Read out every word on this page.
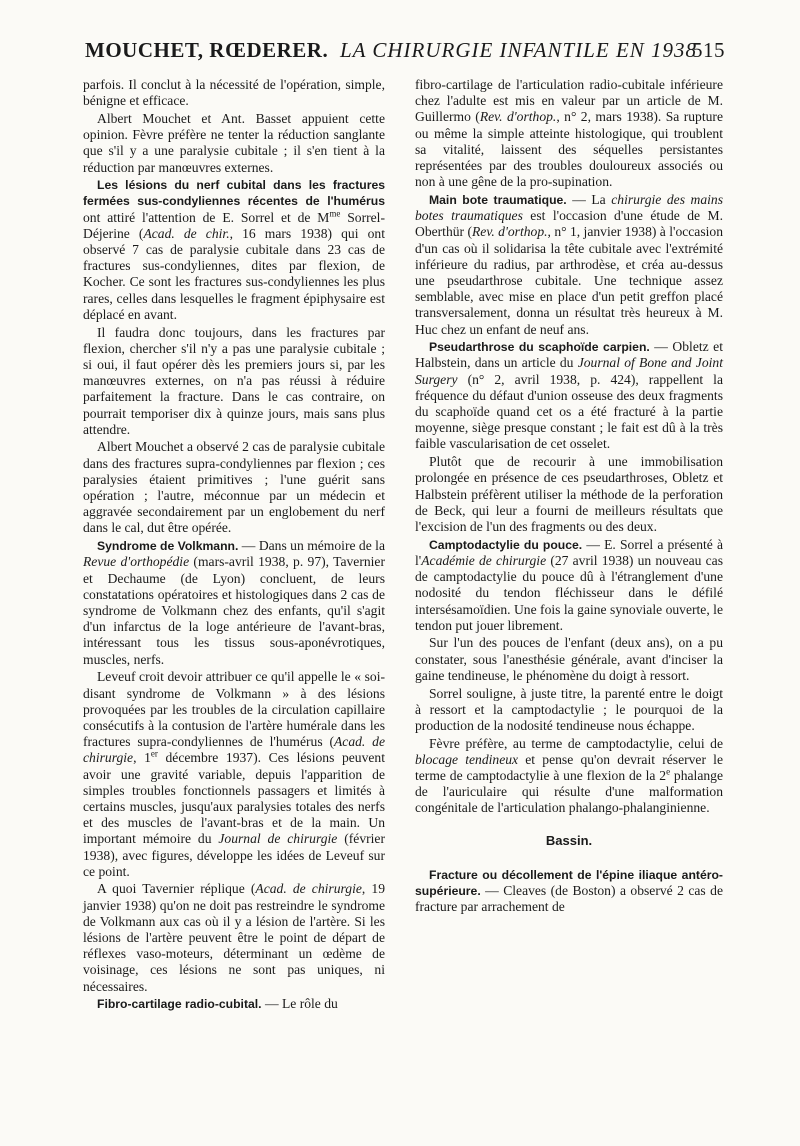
MOUCHET, RŒDERER. LA CHIRURGIE INFANTILE EN 1938
515

parfois. Il conclut à la nécessité de l'opération, simple, bénigne et efficace.

Albert Mouchet et Ant. Basset appuient cette opinion. Fèvre préfère ne tenter la réduction sanglante que s'il y a une paralysie cubitale ; il s'en tient à la réduction par manœuvres externes.

Les lésions du nerf cubital dans les fractures fermées sus-condyliennes récentes de l'humérus ont attiré l'attention de E. Sorrel et de $M^{me}$ Sorrel-Déjerine (Acad. de chir., 16 mars 1938) qui ont observé 7 cas de paralysie cubitale dans 23 cas de fractures sus-condyliennes, dites par flexion, de Kocher. Ce sont les fractures sus-condyliennes les plus rares, celles dans lesquelles le fragment épiphysaire est déplacé en avant.

Il faudra donc toujours, dans les fractures par flexion, chercher s'il n'y a pas une paralysie cubitale ; si oui, il faut opérer dès les premiers jours si, par les manœuvres externes, on n'a pas réussi à réduire parfaitement la fracture. Dans le cas contraire, on pourrait temporiser dix à quinze jours, mais sans plus attendre.

Albert Mouchet a observé 2 cas de paralysie cubitale dans des fractures supra-condyliennes par flexion ; ces paralysies étaient primitives ; l'une guérit sans opération ; l'autre, méconnue par un médecin et aggravée secondairement par un englobement du nerf dans le cal, dut être opérée.

Syndrome de Volkmann. — Dans un mémoire de la Revue d'orthopédie (mars-avril 1938, p. 97), Tavernier et Dechaume (de Lyon) concluent, de leurs constatations opératoires et histologiques dans 2 cas de syndrome de Volkmann chez des enfants, qu'il s'agit d'un infarctus de la loge antérieure de l'avant-bras, intéressant tous les tissus sous-aponévrotiques, muscles, nerfs.

Leveuf croit devoir attribuer ce qu'il appelle le « soi-disant syndrome de Volkmann » à des lésions provoquées par les troubles de la circulation capillaire consécutifs à la contusion de l'artère humérale dans les fractures supra-condyliennes de l'humérus (Acad. de chirurgie, 1er décembre 1937). Ces lésions peuvent avoir une gravité variable, depuis l'apparition de simples troubles fonctionnels passagers et limités à certains muscles, jusqu'aux paralysies totales des nerfs et des muscles de l'avant-bras et de la main. Un important mémoire du Journal de chirurgie (février 1938), avec figures, développe les idées de Leveuf sur ce point.

A quoi Tavernier réplique (Acad. de chirurgie, 19 janvier 1938) qu'on ne doit pas restreindre le syndrome de Volkmann aux cas où il y a lésion de l'artère. Si les lésions de l'artère peuvent être le point de départ de réflexes vaso-moteurs, déterminant un œdème de voisinage, ces lésions ne sont pas uniques, ni nécessaires.

Fibro-cartilage radio-cubital. — Le rôle du

fibro-cartilage de l'articulation radio-cubitale inférieure chez l'adulte est mis en valeur par un article de M. Guillermo (Rev. d'orthop., n° 2, mars 1938). Sa rupture ou même la simple atteinte histologique, qui troublent sa vitalité, laissent des séquelles persistantes représentées par des troubles douloureux associés ou non à une gêne de la pro-supination.

Main bote traumatique. — La chirurgie des mains botes traumatiques est l'occasion d'une étude de M. Oberthür (Rev. d'orthop., n° 1, janvier 1938) à l'occasion d'un cas où il solidarisa la tête cubitale avec l'extrémité inférieure du radius, par arthrodèse, et créa au-dessus une pseudarthrose cubitale. Une technique assez semblable, avec mise en place d'un petit greffon placé transversalement, donna un résultat très heureux à M. Huc chez un enfant de neuf ans.

Pseudarthrose du scaphoïde carpien. — Obletz et Halbstein, dans un article du Journal of Bone and Joint Surgery (n° 2, avril 1938, p. 424), rappellent la fréquence du défaut d'union osseuse des deux fragments du scaphoïde quand cet os a été fracturé à la partie moyenne, siège presque constant ; le fait est dû à la très faible vascularisation de cet osselet.

Plutôt que de recourir à une immobilisation prolongée en présence de ces pseudarthroses, Obletz et Halbstein préfèrent utiliser la méthode de la perforation de Beck, qui leur a fourni de meilleurs résultats que l'excision de l'un des fragments ou des deux.

Camptodactylie du pouce. — E. Sorrel a présenté à l'Académie de chirurgie (27 avril 1938) un nouveau cas de camptodactylie du pouce dû à l'étranglement d'une nodosité du tendon fléchisseur dans le défilé intersésamoïdien. Une fois la gaine synoviale ouverte, le tendon put jouer librement.

Sur l'un des pouces de l'enfant (deux ans), on a pu constater, sous l'anesthésie générale, avant d'inciser la gaine tendineuse, le phénomène du doigt à ressort.

Sorrel souligne, à juste titre, la parenté entre le doigt à ressort et la camptodactylie ; le pourquoi de la production de la nodosité tendineuse nous échappe.

Fèvre préfère, au terme de camptodactylie, celui de blocage tendineux et pense qu'on devrait réserver le terme de camptodactylie à une flexion de la 2e phalange de l'auriculaire qui résulte d'une malformation congénitale de l'articulation phalango-phalanginienne.

Bassin.

Fracture ou décollement de l'épine iliaque antéro-supérieure. — Cleaves (de Boston) a observé 2 cas de fracture par arrachement de
